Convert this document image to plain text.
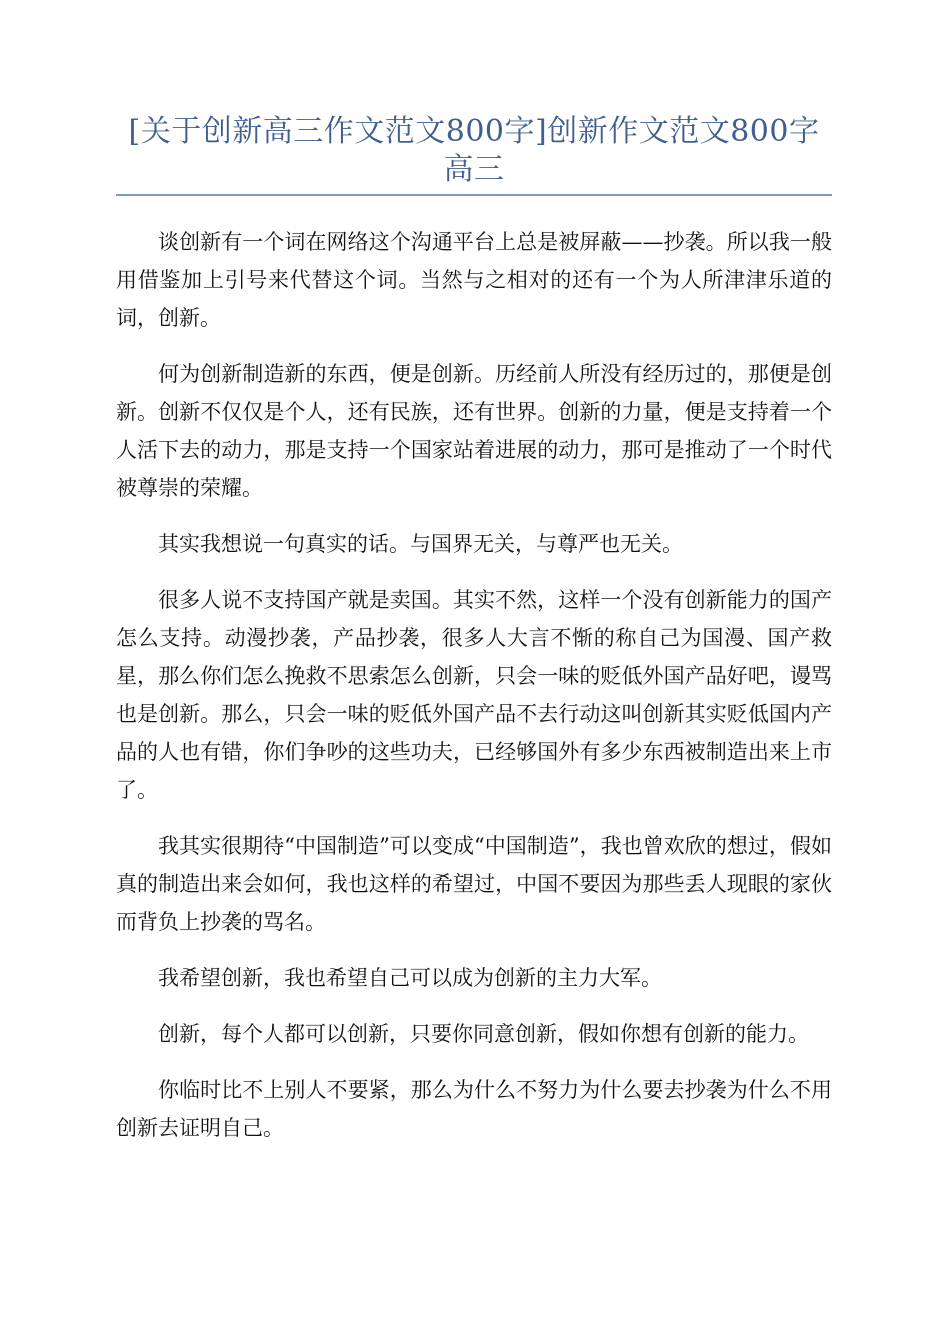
[关于创新高三作文范文800字]创新作文范文800字高三

谈创新有一个词在网络这个沟通平台上总是被屏蔽——抄袭。所以我一般用借鉴加上引号来代替这个词。当然与之相对的还有一个为人所津津乐道的词，创新。

何为创新制造新的东西，便是创新。历经前人所没有经历过的，那便是创新。创新不仅仅是个人，还有民族，还有世界。创新的力量，便是支持着一个人活下去的动力，那是支持一个国家站着进展的动力，那可是推动了一个时代被尊崇的荣耀。

其实我想说一句真实的话。与国界无关，与尊严也无关。

很多人说不支持国产就是卖国。其实不然，这样一个没有创新能力的国产怎么支持。动漫抄袭，产品抄袭，很多人大言不惭的称自己为国漫、国产救星，那么你们怎么挽救不思索怎么创新，只会一味的贬低外国产品好吧，谩骂也是创新。那么，只会一味的贬低外国产品不去行动这叫创新其实贬低国内产品的人也有错，你们争吵的这些功夫，已经够国外有多少东西被制造出来上市了。

我其实很期待“中国制造”可以变成“中国制造”，我也曾欢欣的想过，假如真的制造出来会如何，我也这样的希望过，中国不要因为那些丢人现眼的家伙而背负上抄袭的骂名。

我希望创新，我也希望自己可以成为创新的主力大军。

创新，每个人都可以创新，只要你同意创新，假如你想有创新的能力。

你临时比不上别人不要紧，那么为什么不努力为什么要去抄袭为什么不用创新去证明自己。
